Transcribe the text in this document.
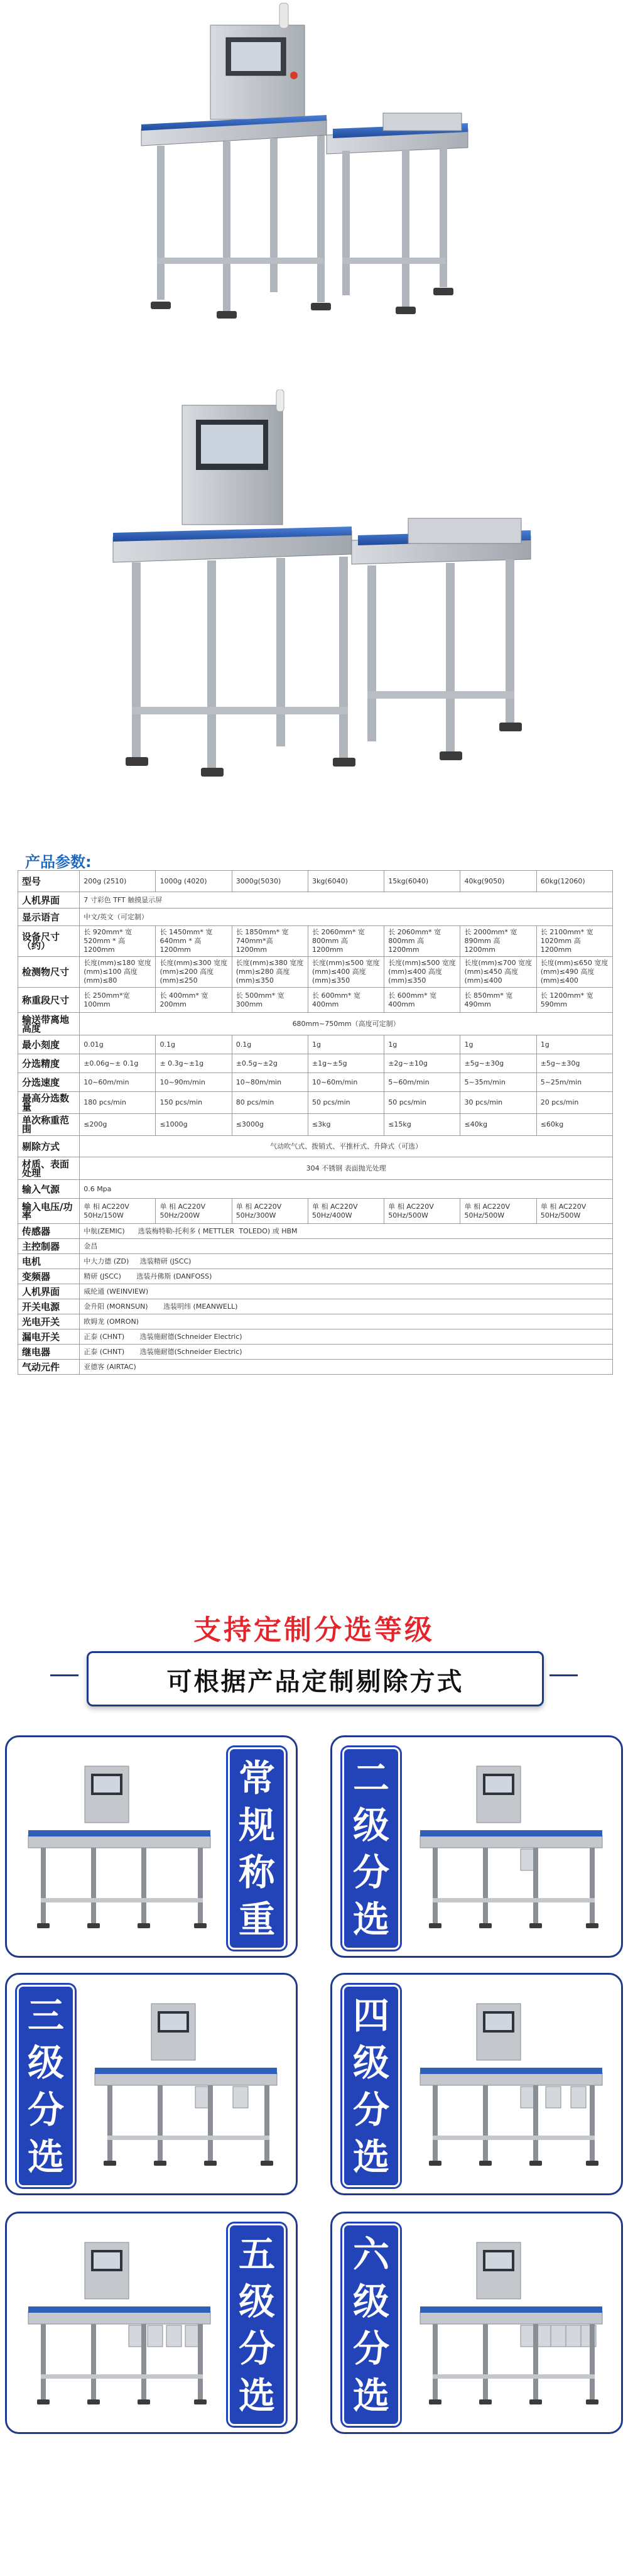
产品参数:
型号	200g (2510)	1000g (4020)	3000g(5030)	3kg(6040)	15kg(6040)	40kg(9050)	60kg(12060)
人机界面	7 寸彩色 TFT 触摸显示屏						
显示语言	中文/英文（可定制）						
设备尺寸（约）	长 920mm* 宽 520mm * 高 1200mm	长 1450mm* 宽 640mm * 高 1200mm	长 1850mm* 宽 740mm*高 1200mm	长 2060mm* 宽 800mm 高 1200mm	长 2060mm* 宽 800mm 高 1200mm	长 2000mm* 宽 890mm 高 1200mm	长 2100mm* 宽 1020mm 高 1200mm
检测物尺寸	长度(mm)≤180 宽度(mm)≤100 高度(mm)≤80	长度(mm)≤300 宽度(mm)≤200 高度(mm)≤250	长度(mm)≤380 宽度(mm)≤280 高度(mm)≤350	长度(mm)≤500 宽度(mm)≤400 高度(mm)≤350	长度(mm)≤500 宽度(mm)≤400 高度(mm)≤350	长度(mm)≤700 宽度(mm)≤450 高度(mm)≤400	长度(mm)≤650 宽度(mm)≤490 高度(mm)≤400
称重段尺寸	长 250mm*宽 100mm	长 400mm* 宽 200mm	长 500mm* 宽 300mm	长 600mm* 宽 400mm	长 600mm* 宽 400mm	长 850mm* 宽 490mm	长 1200mm* 宽 590mm
输送带离地高度	680mm~750mm（高度可定制）						
最小刻度	0.01g	0.1g	0.1g	1g	1g	1g	1g
分选精度	±0.06g~± 0.1g	± 0.3g~±1g	±0.5g~±2g	±1g~±5g	±2g~±10g	±5g~±30g	±5g~±30g
分选速度	10~60m/min	10~90m/min	10~80m/min	10~60m/min	5~60m/min	5~35m/min	5~25m/min
最高分选数量	180 pcs/min	150 pcs/min	80 pcs/min	50 pcs/min	50 pcs/min	30 pcs/min	20 pcs/min
单次称重范围	≤200g	≤1000g	≤3000g	≤3kg	≤15kg	≤40kg	≤60kg
剔除方式	气动吹气式、拨销式、平推杆式、升降式（可选）						
材质、表面处理	304 不锈钢 表面抛光处理						
输入气源	0.6 Mpa						
输入电压/功率	单 相 AC220V 50Hz/150W	单 相 AC220V 50Hz/200W	单 相 AC220V 50Hz/300W	单 相 AC220V 50Hz/400W	单 相 AC220V 50Hz/500W	单 相 AC220V 50Hz/500W	单 相 AC220V 50Hz/500W
传感器	中航(ZEMIC)      选装梅特勒-托利多 ( METTLER  TOLEDO) 或 HBM						
主控制器	金昌						
电机	中大力德 (ZD)     选装精研 (JSCC)						
变频器	精研 (JSCC)       选装丹佛斯 (DANFOSS)						
人机界面	威纶通 (WEINVIEW)						
开关电源	金升阳 (MORNSUN)       选装明纬 (MEANWELL)						
光电开关	欧姆龙 (OMRON)						
漏电开关	正泰 (CHNT)       选装施耐德(Schneider Electric)						
继电器	正泰 (CHNT)       选装施耐德(Schneider Electric)						
气动元件	亚德客 (AIRTAC)						
支持定制分选等级
可根据产品定制剔除方式
常
规
称
重
二
级
分
选
三
级
分
选
四
级
分
选
五
级
分
选
六
级
分
选
